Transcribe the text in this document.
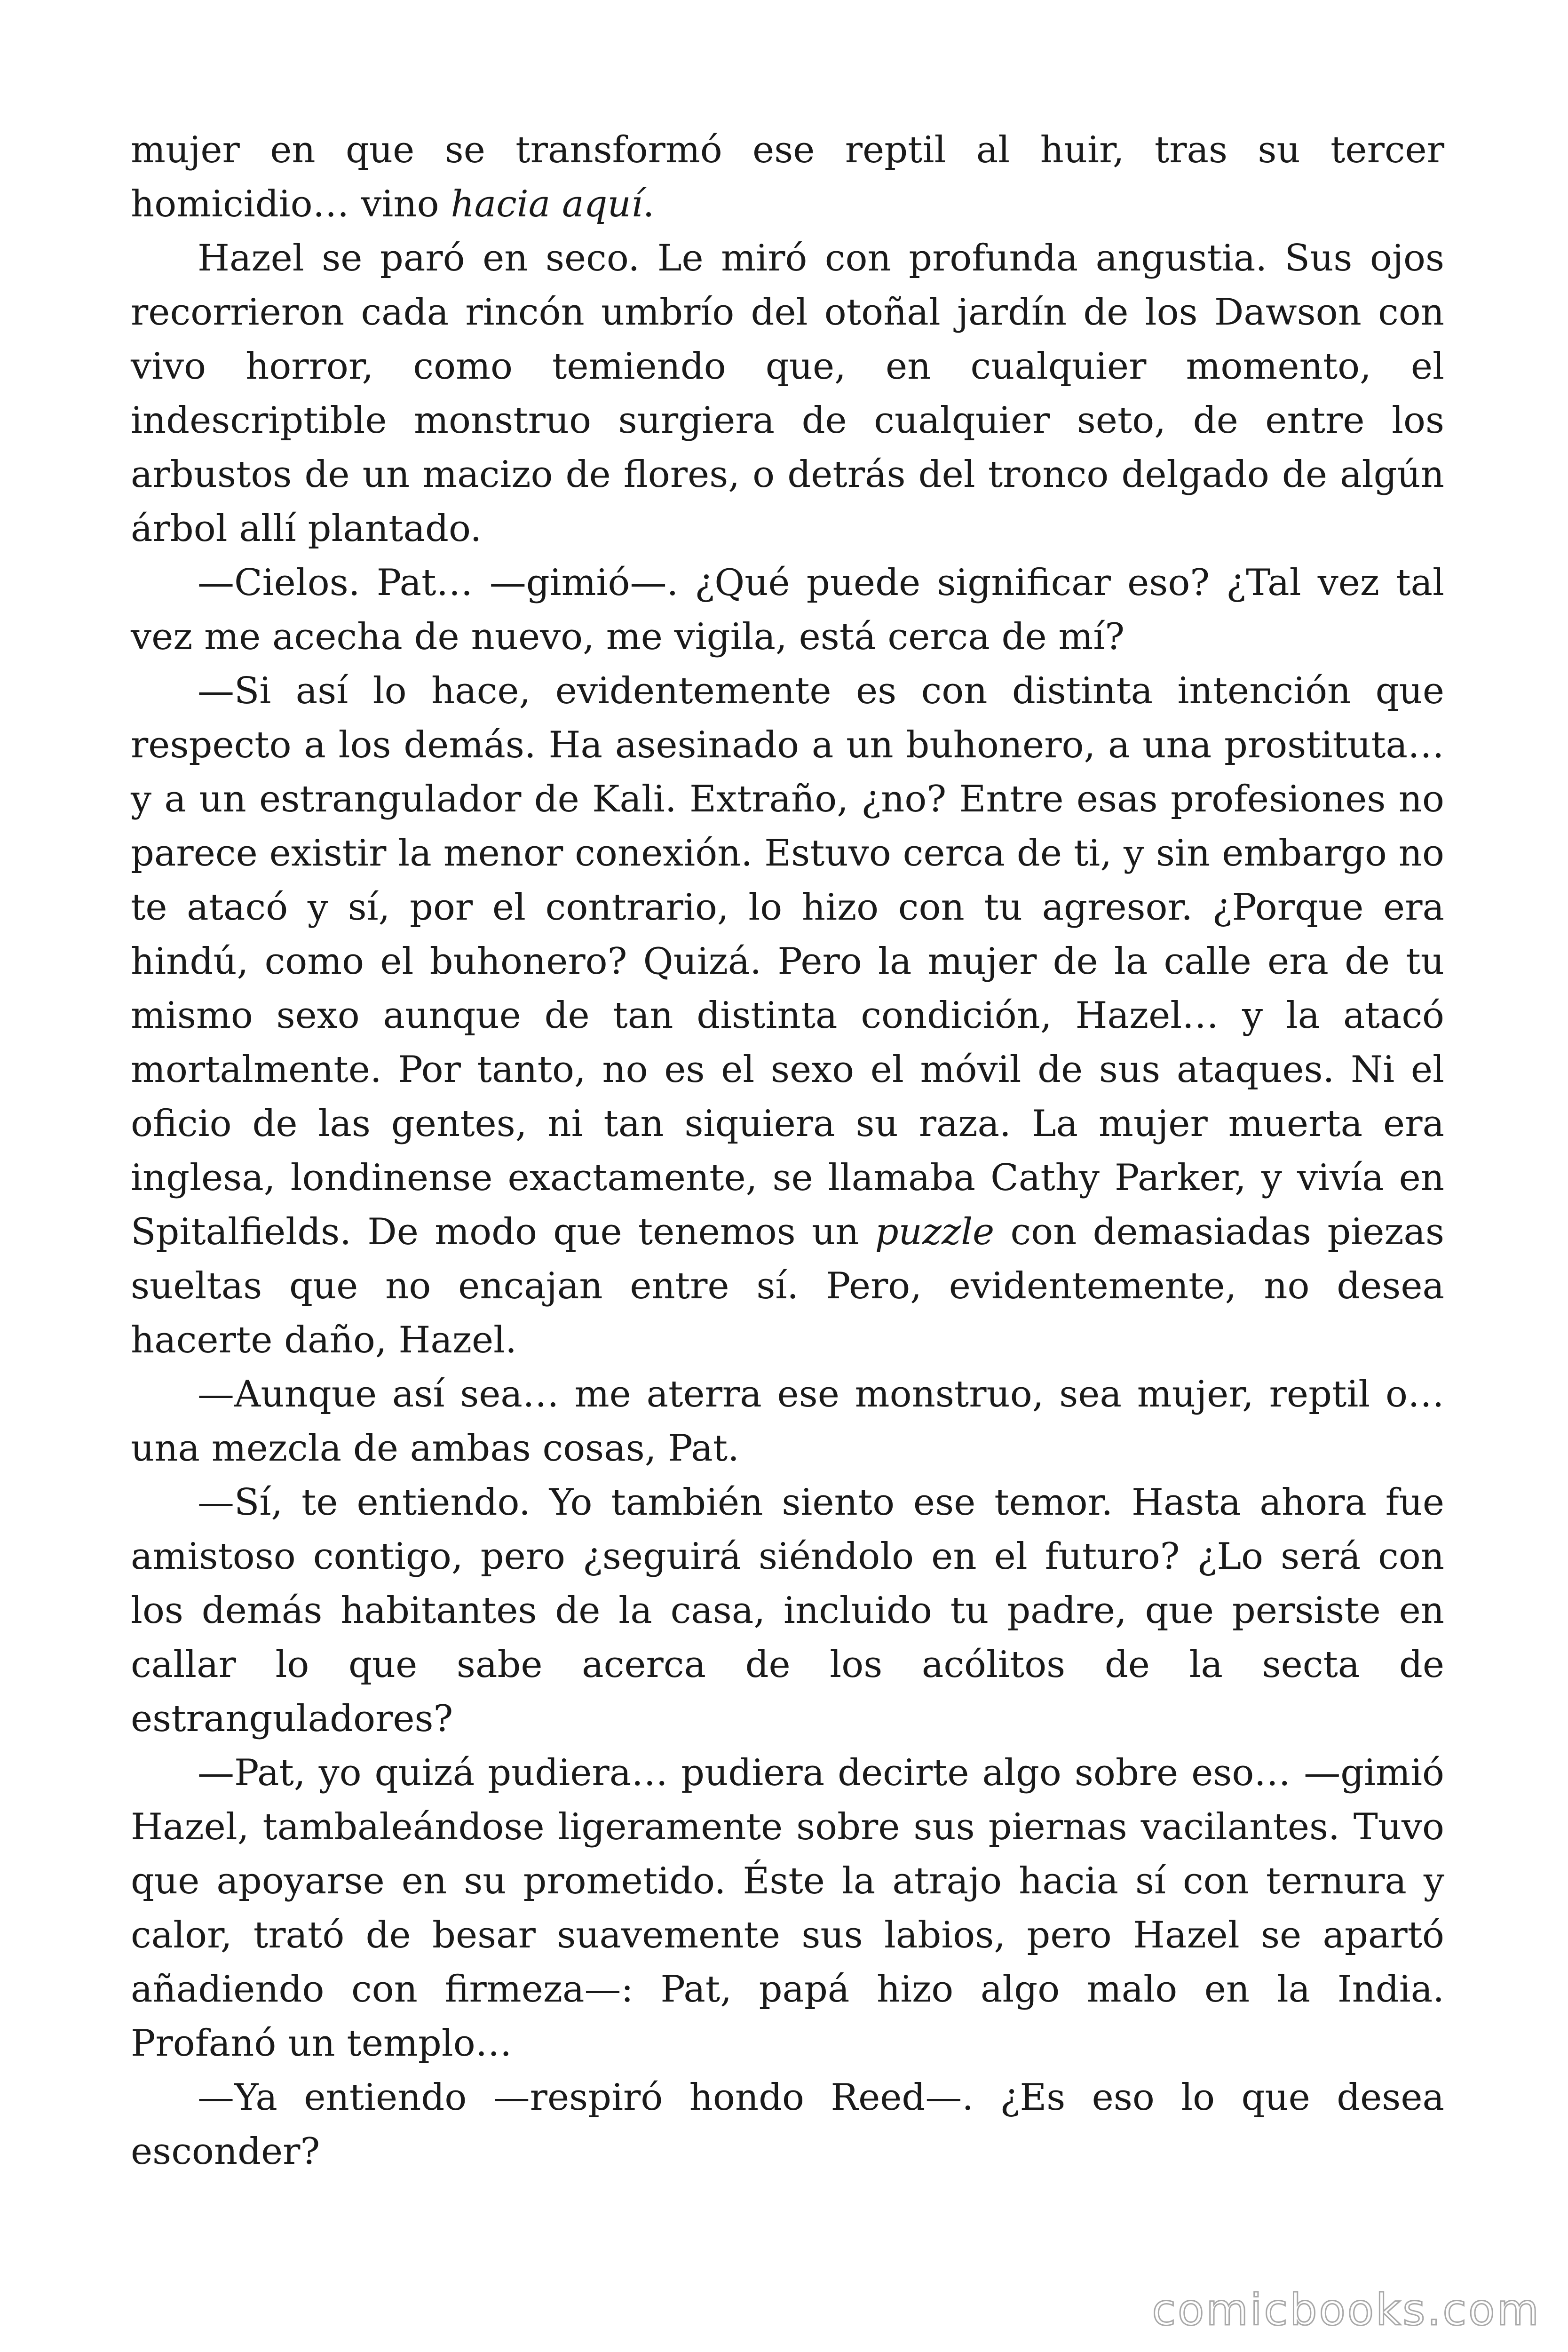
mujer en que se transformó ese reptil al huir, tras su tercer homicidio… vino hacia aquí.

Hazel se paró en seco. Le miró con profunda angustia. Sus ojos recorrieron cada rincón umbrío del otoñal jardín de los Dawson con vivo horror, como temiendo que, en cualquier momento, el indescriptible monstruo surgiera de cualquier seto, de entre los arbustos de un macizo de flores, o detrás del tronco delgado de algún árbol allí plantado.

—Cielos. Pat… —gimió—. ¿Qué puede significar eso? ¿Tal vez tal vez me acecha de nuevo, me vigila, está cerca de mí?

—Si así lo hace, evidentemente es con distinta intención que respecto a los demás. Ha asesinado a un buhonero, a una prostituta… y a un estrangulador de Kali. Extraño, ¿no? Entre esas profesiones no parece existir la menor conexión. Estuvo cerca de ti, y sin embargo no te atacó y sí, por el contrario, lo hizo con tu agresor. ¿Porque era hindú, como el buhonero? Quizá. Pero la mujer de la calle era de tu mismo sexo aunque de tan distinta condición, Hazel… y la atacó mortalmente. Por tanto, no es el sexo el móvil de sus ataques. Ni el oficio de las gentes, ni tan siquiera su raza. La mujer muerta era inglesa, londinense exactamente, se llamaba Cathy Parker, y vivía en Spitalfields. De modo que tenemos un puzzle con demasiadas piezas sueltas que no encajan entre sí. Pero, evidentemente, no desea hacerte daño, Hazel.

—Aunque así sea… me aterra ese monstruo, sea mujer, reptil o… una mezcla de ambas cosas, Pat.

—Sí, te entiendo. Yo también siento ese temor. Hasta ahora fue amistoso contigo, pero ¿seguirá siéndolo en el futuro? ¿Lo será con los demás habitantes de la casa, incluido tu padre, que persiste en callar lo que sabe acerca de los acólitos de la secta de estranguladores?

—Pat, yo quizá pudiera… pudiera decirte algo sobre eso… —gimió Hazel, tambaleándose ligeramente sobre sus piernas vacilantes. Tuvo que apoyarse en su prometido. Éste la atrajo hacia sí con ternura y calor, trató de besar suavemente sus labios, pero Hazel se apartó añadiendo con firmeza—: Pat, papá hizo algo malo en la India. Profanó un templo…

—Ya entiendo —respiró hondo Reed—. ¿Es eso lo que desea esconder?

comicbooks.com
